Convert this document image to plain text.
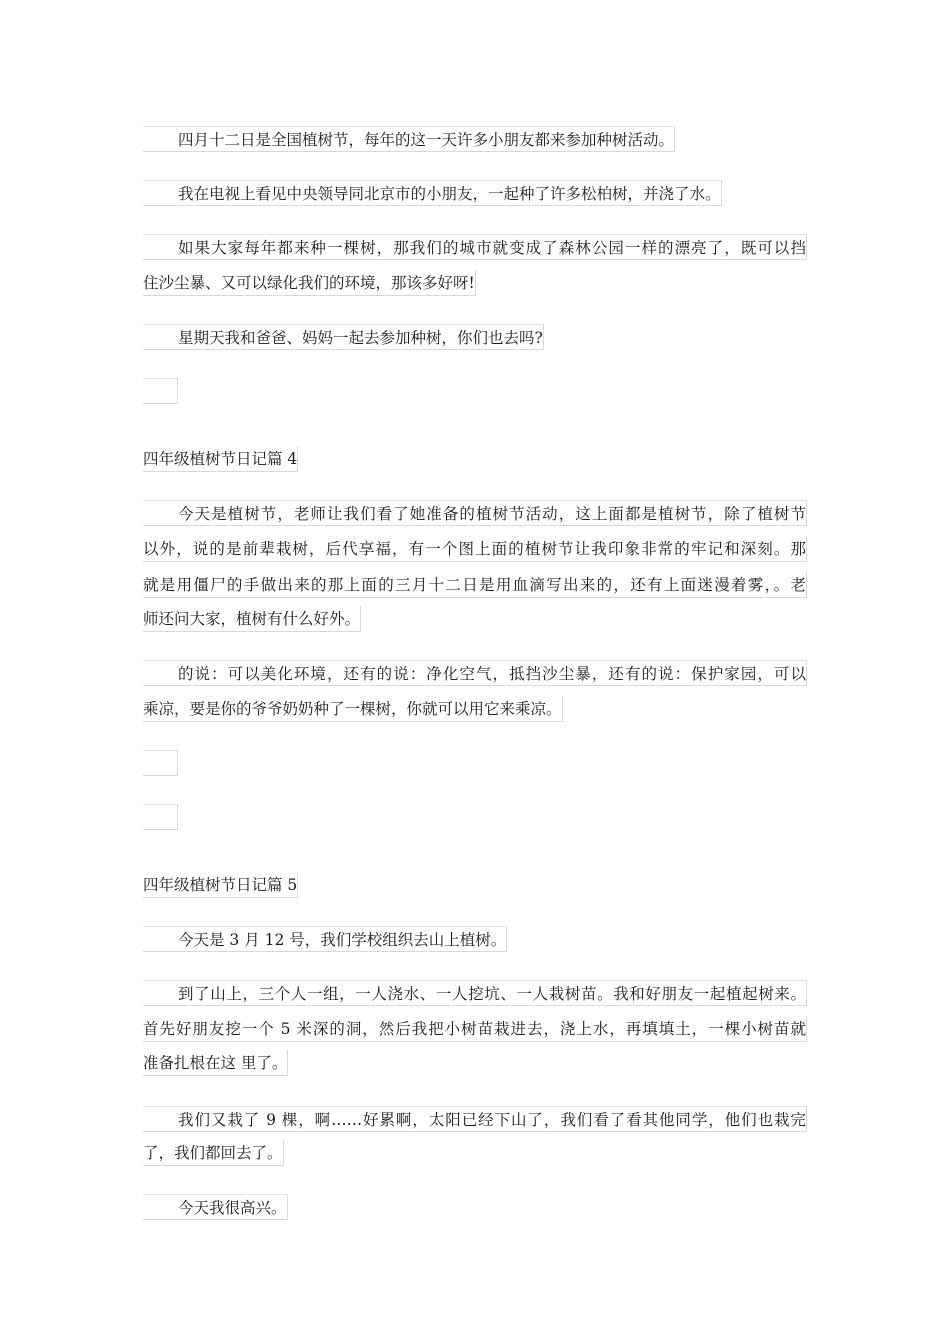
四月十二日是全国植树节，每年的这一天许多小朋友都来参加种树活动。
我在电视上看见中央领导同北京市的小朋友，一起种了许多松柏树，并浇了水。
如果大家每年都来种一棵树，那我们的城市就变成了森林公园一样的漂亮了，既可以挡
住沙尘暴、又可以绿化我们的环境，那该多好呀!
星期天我和爸爸、妈妈一起去参加种树，你们也去吗?
四年级植树节日记篇 4
今天是植树节，老师让我们看了她准备的植树节活动，这上面都是植树节，除了植树节
以外，说的是前辈栽树，后代享福，有一个图上面的植树节让我印象非常的牢记和深刻。那
就是用僵尸的手做出来的那上面的三月十二日是用血滴写出来的，还有上面迷漫着雾，。老
师还问大家，植树有什么好外。
的说：可以美化环境，还有的说：净化空气，抵挡沙尘暴，还有的说：保护家园，可以
乘凉，要是你的爷爷奶奶种了一棵树，你就可以用它来乘凉。
四年级植树节日记篇 5
今天是 3 月 12 号，我们学校组织去山上植树。
到了山上，三个人一组，一人浇水、一人挖坑、一人栽树苗。我和好朋友一起植起树来。
首先好朋友挖一个 5 米深的洞，然后我把小树苗栽进去，浇上水，再填填土，一棵小树苗就
准备扎根在这 里了。
我们又栽了 9 棵，啊……好累啊，太阳已经下山了，我们看了看其他同学，他们也栽完
了，我们都回去了。
今天我很高兴。
